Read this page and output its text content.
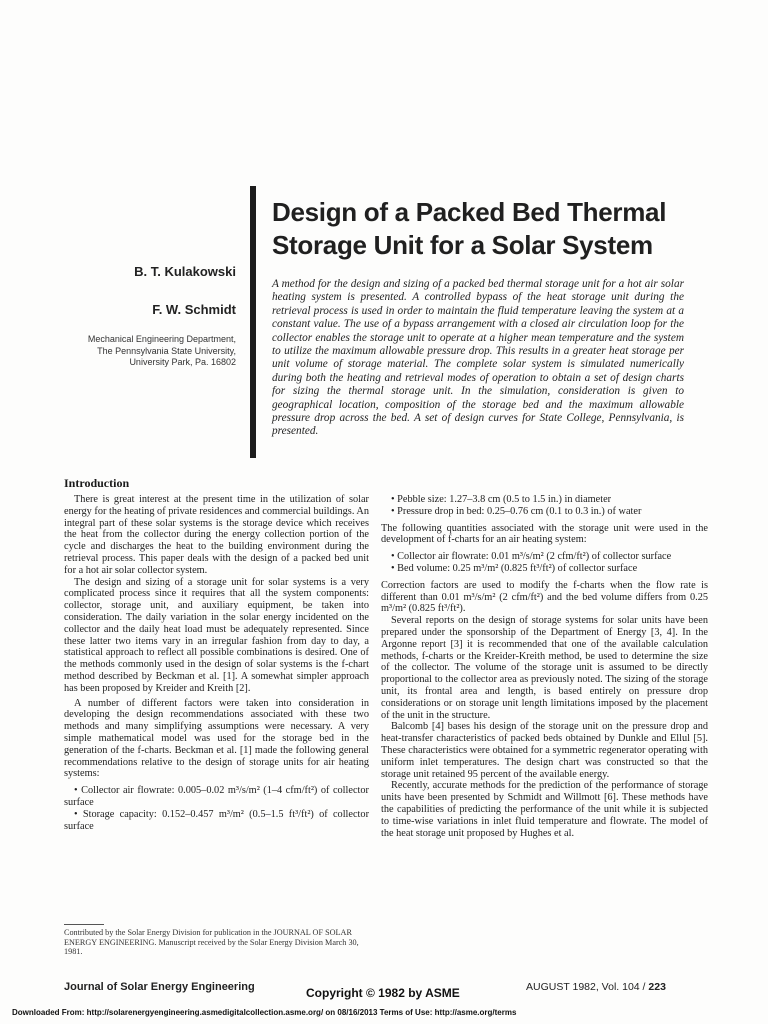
Design of a Packed Bed Thermal
Storage Unit for a Solar System
B. T. Kulakowski
F. W. Schmidt
Mechanical Engineering Department,
The Pennsylvania State University,
University Park, Pa. 16802
A method for the design and sizing of a packed bed thermal storage unit for a hot air solar heating system is presented. A controlled bypass of the heat storage unit during the retrieval process is used in order to maintain the fluid temperature leaving the system at a constant value. The use of a bypass arrangement with a closed air circulation loop for the collector enables the storage unit to operate at a higher mean temperature and the system to utilize the maximum allowable pressure drop. This results in a greater heat storage per unit volume of storage material. The complete solar system is simulated numerically during both the heating and retrieval modes of operation to obtain a set of design charts for sizing the thermal storage unit. In the simulation, consideration is given to geographical location, composition of the storage bed and the maximum allowable pressure drop across the bed. A set of design curves for State College, Pennsylvania, is presented.
Introduction

There is great interest at the present time in the utilization of solar energy for the heating of private residences and commercial buildings. An integral part of these solar systems is the storage device which receives the heat from the collector during the energy collection portion of the cycle and discharges the heat to the building environment during the retrieval process. This paper deals with the design of a packed bed unit for a hot air solar collector system.

The design and sizing of a storage unit for solar systems is a very complicated process since it requires that all the system components: collector, storage unit, and auxiliary equipment, be taken into consideration. The daily variation in the solar energy incidented on the collector and the daily heat load must be adequately represented. Since these latter two items vary in an irregular fashion from day to day, a statistical approach to reflect all possible combinations is desired. One of the methods commonly used in the design of solar systems is the f-chart method described by Beckman et al. [1]. A somewhat simpler approach has been proposed by Kreider and Kreith [2].

A number of different factors were taken into consideration in developing the design recommendations associated with these two methods and many simplifying assumptions were necessary. A very simple mathematical model was used for the storage bed in the generation of the f-charts. Beckman et al. [1] made the following general recommendations relative to the design of storage units for air heating systems:

• Collector air flowrate: 0.005–0.02 m³/s/m² (1–4 cfm/ft²) of collector surface

• Storage capacity: 0.152–0.457 m³/m² (0.5–1.5 ft³/ft²) of collector surface

Contributed by the Solar Energy Division for publication in the JOURNAL OF SOLAR ENERGY ENGINEERING. Manuscript received by the Solar Energy Division March 30, 1981.

• Pebble size: 1.27–3.8 cm (0.5 to 1.5 in.) in diameter

• Pressure drop in bed: 0.25–0.76 cm (0.1 to 0.3 in.) of water

The following quantities associated with the storage unit were used in the development of f-charts for an air heating system:

• Collector air flowrate: 0.01 m³/s/m² (2 cfm/ft²) of collector surface

• Bed volume: 0.25 m³/m² (0.825 ft³/ft²) of collector surface

Correction factors are used to modify the f-charts when the flow rate is different than 0.01 m³/s/m² (2 cfm/ft²) and the bed volume differs from 0.25 m³/m² (0.825 ft³/ft²).

Several reports on the design of storage systems for solar units have been prepared under the sponsorship of the Department of Energy [3, 4]. In the Argonne report [3] it is recommended that one of the available calculation methods, f-charts or the Kreider-Kreith method, be used to determine the size of the collector. The volume of the storage unit is assumed to be directly proportional to the collector area as previously noted. The sizing of the storage unit, its frontal area and length, is based entirely on pressure drop considerations or on storage unit length limitations imposed by the placement of the unit in the structure.

Balcomb [4] bases his design of the storage unit on the pressure drop and heat-transfer characteristics of packed beds obtained by Dunkle and Ellul [5]. These characteristics were obtained for a symmetric regenerator operating with uniform inlet temperatures. The design chart was constructed so that the storage unit retained 95 percent of the available energy.

Recently, accurate methods for the prediction of the performance of storage units have been presented by Schmidt and Willmott [6]. These methods have the capabilities of predicting the performance of the unit while it is subjected to time-wise variations in inlet fluid temperature and flowrate. The model of the heat storage unit proposed by Hughes et al.

Journal of Solar Energy Engineering	Copyright © 1982 by ASME	AUGUST 1982, Vol. 104 / 223
Downloaded From: http://solarenergyengineering.asmedigitalcollection.asme.org/ on 08/16/2013 Terms of Use: http://asme.org/terms
